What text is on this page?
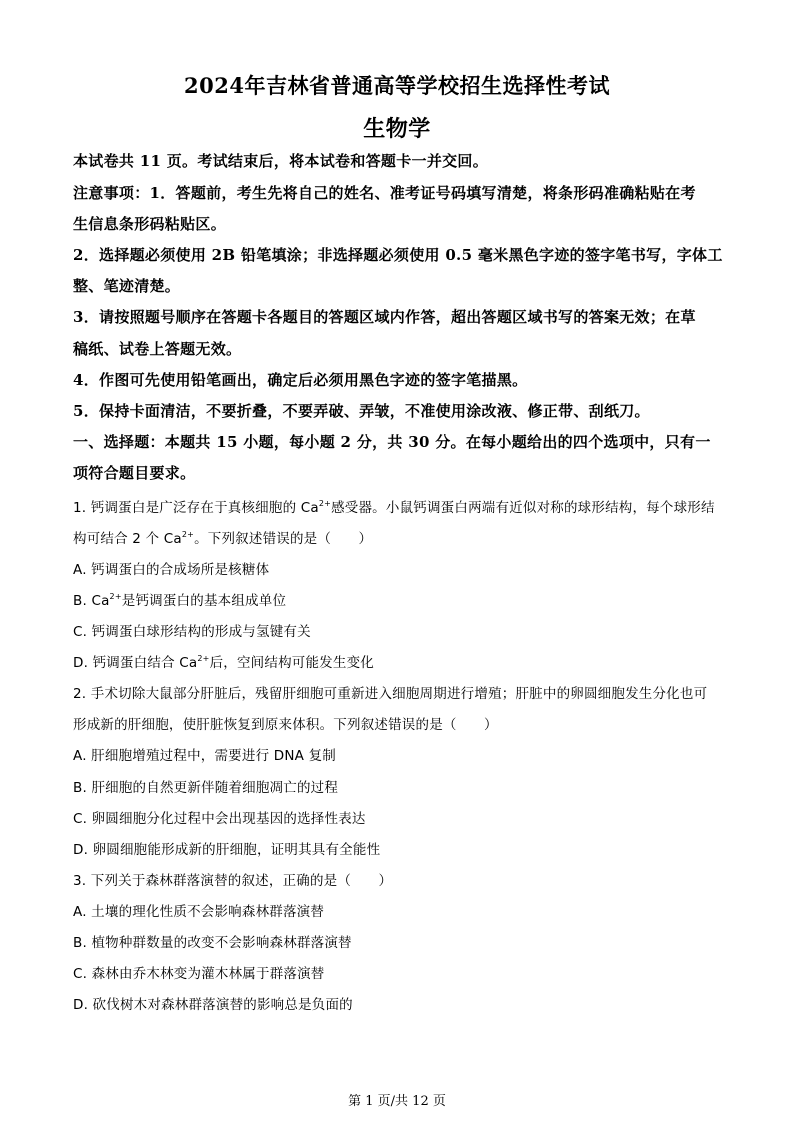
2024年吉林省普通高等学校招生选择性考试
生物学
本试卷共 11 页。考试结束后，将本试卷和答题卡一并交回。
注意事项：1．答题前，考生先将自己的姓名、准考证号码填写清楚，将条形码准确粘贴在考
生信息条形码粘贴区。
2．选择题必须使用 2B 铅笔填涂；非选择题必须使用 0.5 毫米黑色字迹的签字笔书写，字体工
整、笔迹清楚。
3．请按照题号顺序在答题卡各题目的答题区域内作答，超出答题区域书写的答案无效；在草
稿纸、试卷上答题无效。
4．作图可先使用铅笔画出，确定后必须用黑色字迹的签字笔描黑。
5．保持卡面清洁，不要折叠，不要弄破、弄皱，不准使用涂改液、修正带、刮纸刀。
一、选择题：本题共 15 小题，每小题 2 分，共 30 分。在每小题给出的四个选项中，只有一
项符合题目要求。
1. 钙调蛋白是广泛存在于真核细胞的 $Ca^{2+}$感受器。小鼠钙调蛋白两端有近似对称的球形结构，每个球形结
构可结合 2 个 $Ca^{2+}$。下列叙述错误的是（　　）
A. 钙调蛋白的合成场所是核糖体
B. $Ca^{2+}$是钙调蛋白的基本组成单位
C. 钙调蛋白球形结构的形成与氢键有关
D. 钙调蛋白结合 $Ca^{2+}$后，空间结构可能发生变化
2. 手术切除大鼠部分肝脏后，残留肝细胞可重新进入细胞周期进行增殖；肝脏中的卵圆细胞发生分化也可
形成新的肝细胞，使肝脏恢复到原来体积。下列叙述错误的是（　　）
A. 肝细胞增殖过程中，需要进行 DNA 复制
B. 肝细胞的自然更新伴随着细胞凋亡的过程
C. 卵圆细胞分化过程中会出现基因的选择性表达
D. 卵圆细胞能形成新的肝细胞，证明其具有全能性
3. 下列关于森林群落演替的叙述，正确的是（　　）
A. 土壤的理化性质不会影响森林群落演替
B. 植物种群数量的改变不会影响森林群落演替
C. 森林由乔木林变为灌木林属于群落演替
D. 砍伐树木对森林群落演替的影响总是负面的
第 1 页/共 12 页
